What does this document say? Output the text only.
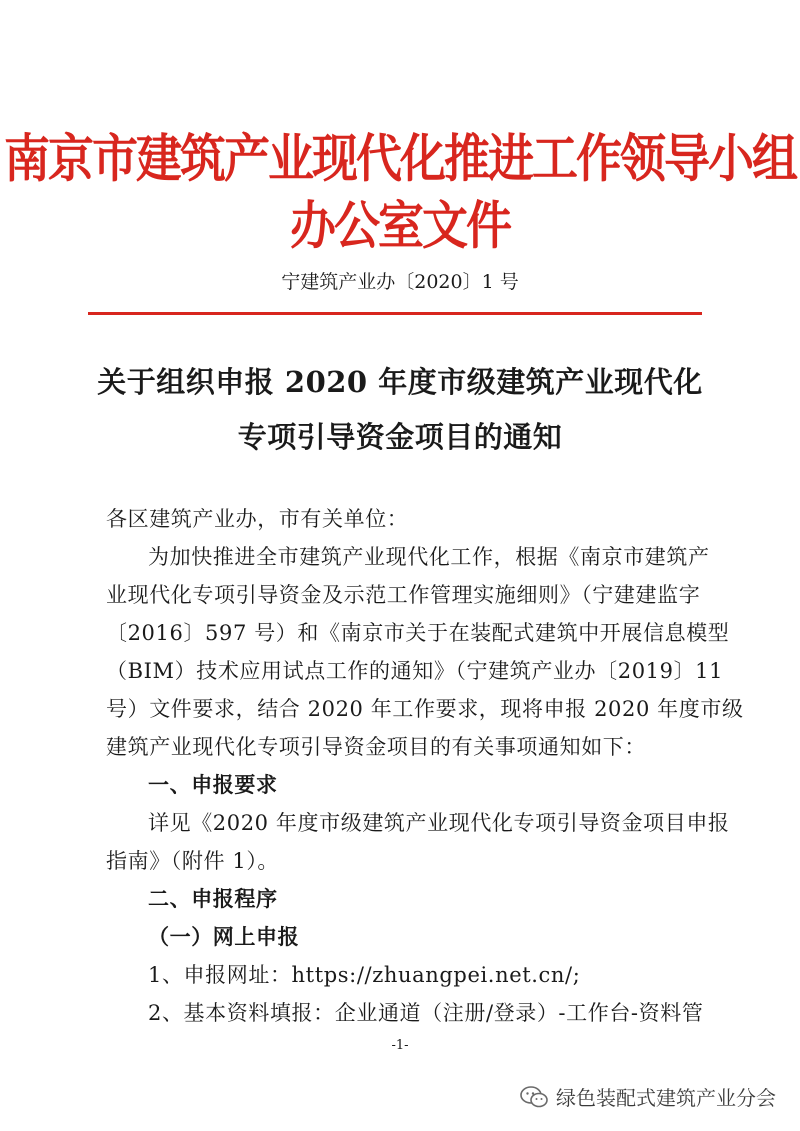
南京市建筑产业现代化推进工作领导小组办公室文件
宁建筑产业办〔2020〕1 号
关于组织申报 2020 年度市级建筑产业现代化
专项引导资金项目的通知
各区建筑产业办，市有关单位：
为加快推进全市建筑产业现代化工作，根据《南京市建筑产
业现代化专项引导资金及示范工作管理实施细则》（宁建建监字
〔2016〕597 号）和《南京市关于在装配式建筑中开展信息模型
（BIM）技术应用试点工作的通知》（宁建筑产业办〔2019〕11
号）文件要求，结合 2020 年工作要求，现将申报 2020 年度市级
建筑产业现代化专项引导资金项目的有关事项通知如下：
一、申报要求
详见《2020 年度市级建筑产业现代化专项引导资金项目申报
指南》（附件 1）。
二、申报程序
（一）网上申报
1、申报网址：https://zhuangpei.net.cn/;
2、基本资料填报：企业通道（注册/登录）-工作台-资料管
-1-
绿色装配式建筑产业分会
